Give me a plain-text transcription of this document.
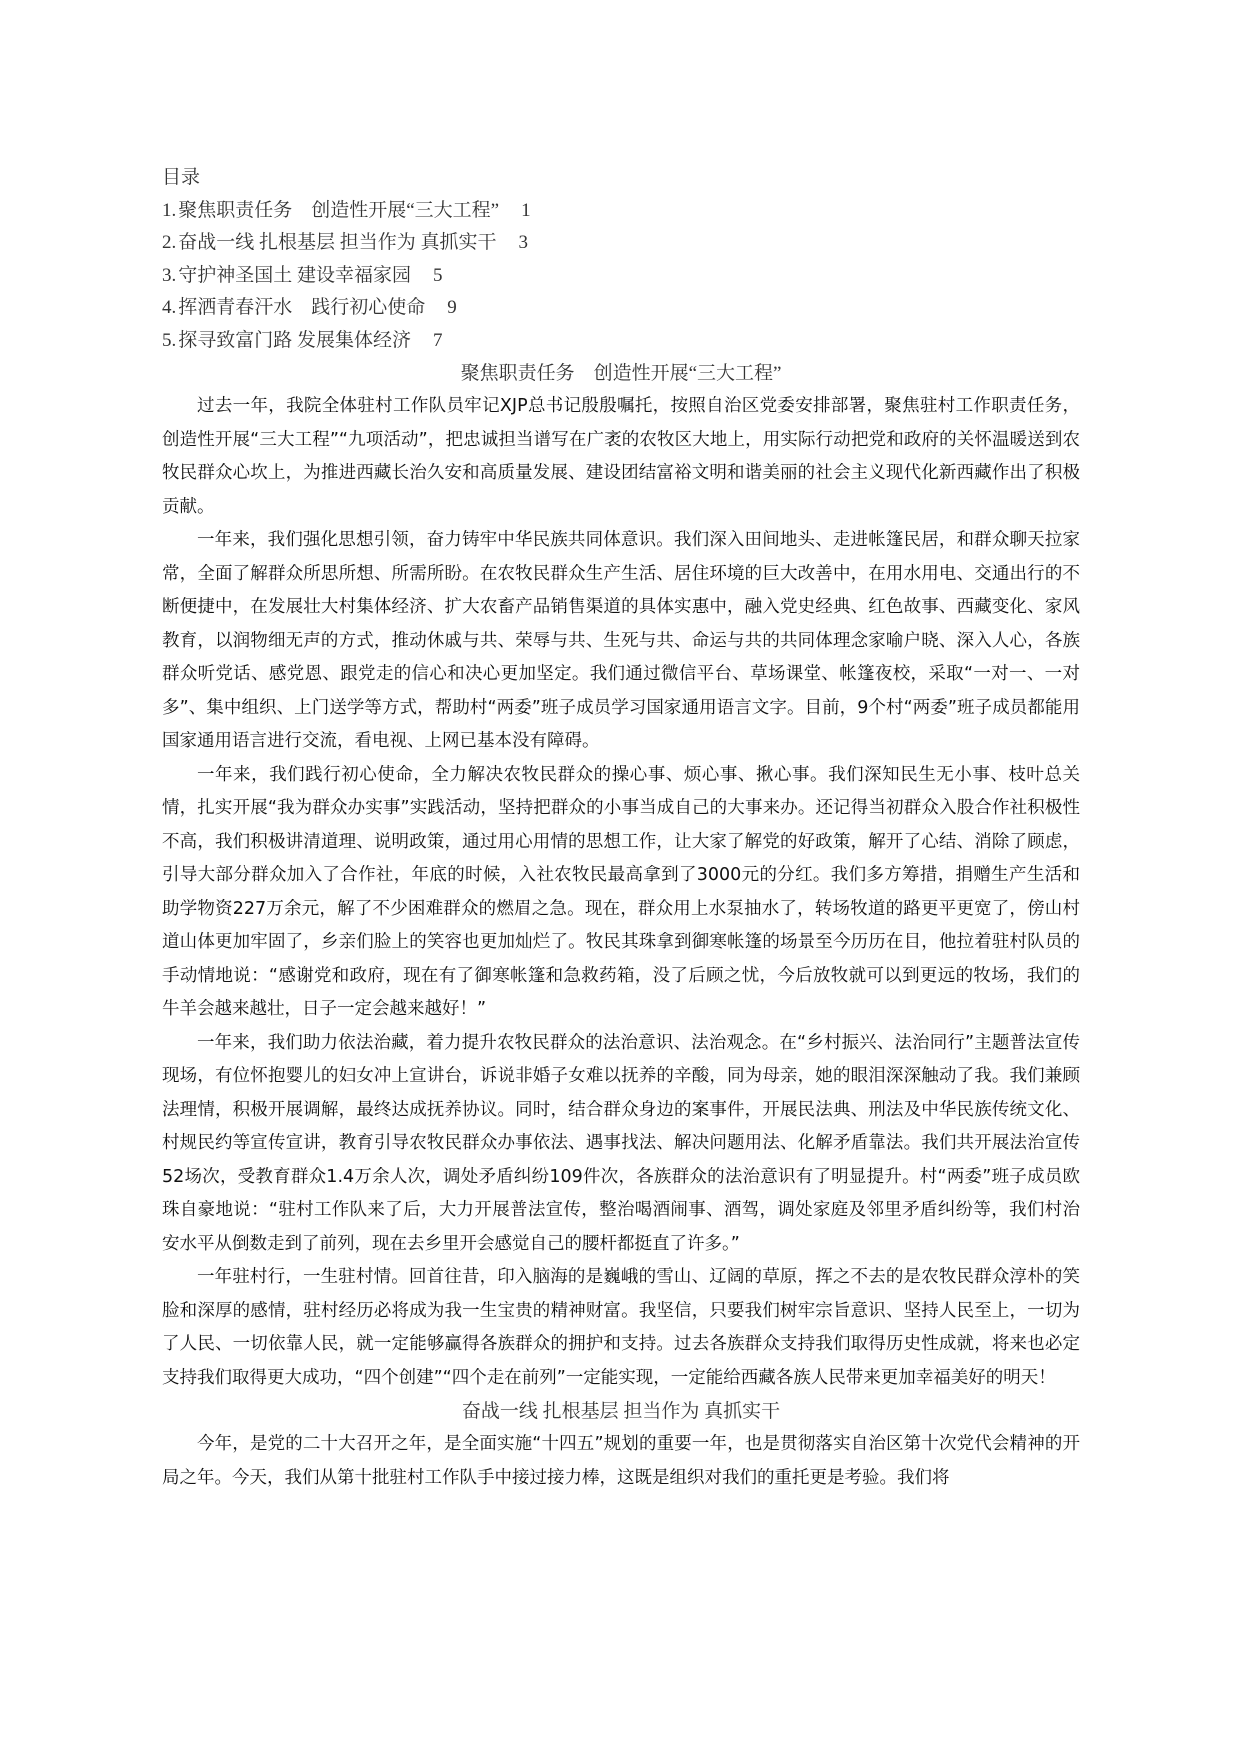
目录
1. 聚焦职责任务　创造性开展“三大工程” 1
2. 奋战一线 扎根基层 担当作为 真抓实干 3
3. 守护神圣国土 建设幸福家园 5
4. 挥洒青春汗水　践行初心使命 9
5. 探寻致富门路 发展集体经济 7
聚焦职责任务　创造性开展“三大工程”

过去一年，我院全体驻村工作队员牢记XJP总书记殷殷嘱托，按照自治区党委安排部署，聚焦驻村工作职责任务，创造性开展“三大工程”“九项活动”，把忠诚担当谱写在广袤的农牧区大地上，用实际行动把党和政府的关怀温暖送到农牧民群众心坎上，为推进西藏长治久安和高质量发展、建设团结富裕文明和谐美丽的社会主义现代化新西藏作出了积极贡献。

一年来，我们强化思想引领，奋力铸牢中华民族共同体意识。我们深入田间地头、走进帐篷民居，和群众聊天拉家常，全面了解群众所思所想、所需所盼。在农牧民群众生产生活、居住环境的巨大改善中，在用水用电、交通出行的不断便捷中，在发展壮大村集体经济、扩大农畜产品销售渠道的具体实惠中，融入党史经典、红色故事、西藏变化、家风教育，以润物细无声的方式，推动休戚与共、荣辱与共、生死与共、命运与共的共同体理念家喻户晓、深入人心，各族群众听党话、感党恩、跟党走的信心和决心更加坚定。我们通过微信平台、草场课堂、帐篷夜校，采取“一对一、一对多”、集中组织、上门送学等方式，帮助村“两委”班子成员学习国家通用语言文字。目前，9个村“两委”班子成员都能用国家通用语言进行交流，看电视、上网已基本没有障碍。

一年来，我们践行初心使命，全力解决农牧民群众的操心事、烦心事、揪心事。我们深知民生无小事、枝叶总关情，扎实开展“我为群众办实事”实践活动，坚持把群众的小事当成自己的大事来办。还记得当初群众入股合作社积极性不高，我们积极讲清道理、说明政策，通过用心用情的思想工作，让大家了解党的好政策，解开了心结、消除了顾虑，引导大部分群众加入了合作社，年底的时候，入社农牧民最高拿到了3000元的分红。我们多方筹措，捐赠生产生活和助学物资227万余元，解了不少困难群众的燃眉之急。现在，群众用上水泵抽水了，转场牧道的路更平更宽了，傍山村道山体更加牢固了，乡亲们脸上的笑容也更加灿烂了。牧民其珠拿到御寒帐篷的场景至今历历在目，他拉着驻村队员的手动情地说：“感谢党和政府，现在有了御寒帐篷和急救药箱，没了后顾之忧，今后放牧就可以到更远的牧场，我们的牛羊会越来越壮，日子一定会越来越好！”

一年来，我们助力依法治藏，着力提升农牧民群众的法治意识、法治观念。在“乡村振兴、法治同行”主题普法宣传现场，有位怀抱婴儿的妇女冲上宣讲台，诉说非婚子女难以抚养的辛酸，同为母亲，她的眼泪深深触动了我。我们兼顾法理情，积极开展调解，最终达成抚养协议。同时，结合群众身边的案事件，开展民法典、刑法及中华民族传统文化、村规民约等宣传宣讲，教育引导农牧民群众办事依法、遇事找法、解决问题用法、化解矛盾靠法。我们共开展法治宣传52场次，受教育群众1.4万余人次，调处矛盾纠纷109件次，各族群众的法治意识有了明显提升。村“两委”班子成员欧珠自豪地说：“驻村工作队来了后，大力开展普法宣传，整治喝酒闹事、酒驾，调处家庭及邻里矛盾纠纷等，我们村治安水平从倒数走到了前列，现在去乡里开会感觉自己的腰杆都挺直了许多。”

一年驻村行，一生驻村情。回首往昔，印入脑海的是巍峨的雪山、辽阔的草原，挥之不去的是农牧民群众淳朴的笑脸和深厚的感情，驻村经历必将成为我一生宝贵的精神财富。我坚信，只要我们树牢宗旨意识、坚持人民至上，一切为了人民、一切依靠人民，就一定能够赢得各族群众的拥护和支持。过去各族群众支持我们取得历史性成就，将来也必定支持我们取得更大成功，“四个创建”“四个走在前列”一定能实现，一定能给西藏各族人民带来更加幸福美好的明天！

奋战一线 扎根基层 担当作为 真抓实干

今年，是党的二十大召开之年，是全面实施“十四五”规划的重要一年，也是贯彻落实自治区第十次党代会精神的开局之年。今天，我们从第十批驻村工作队手中接过接力棒，这既是组织对我们的重托更是考验。我们将
